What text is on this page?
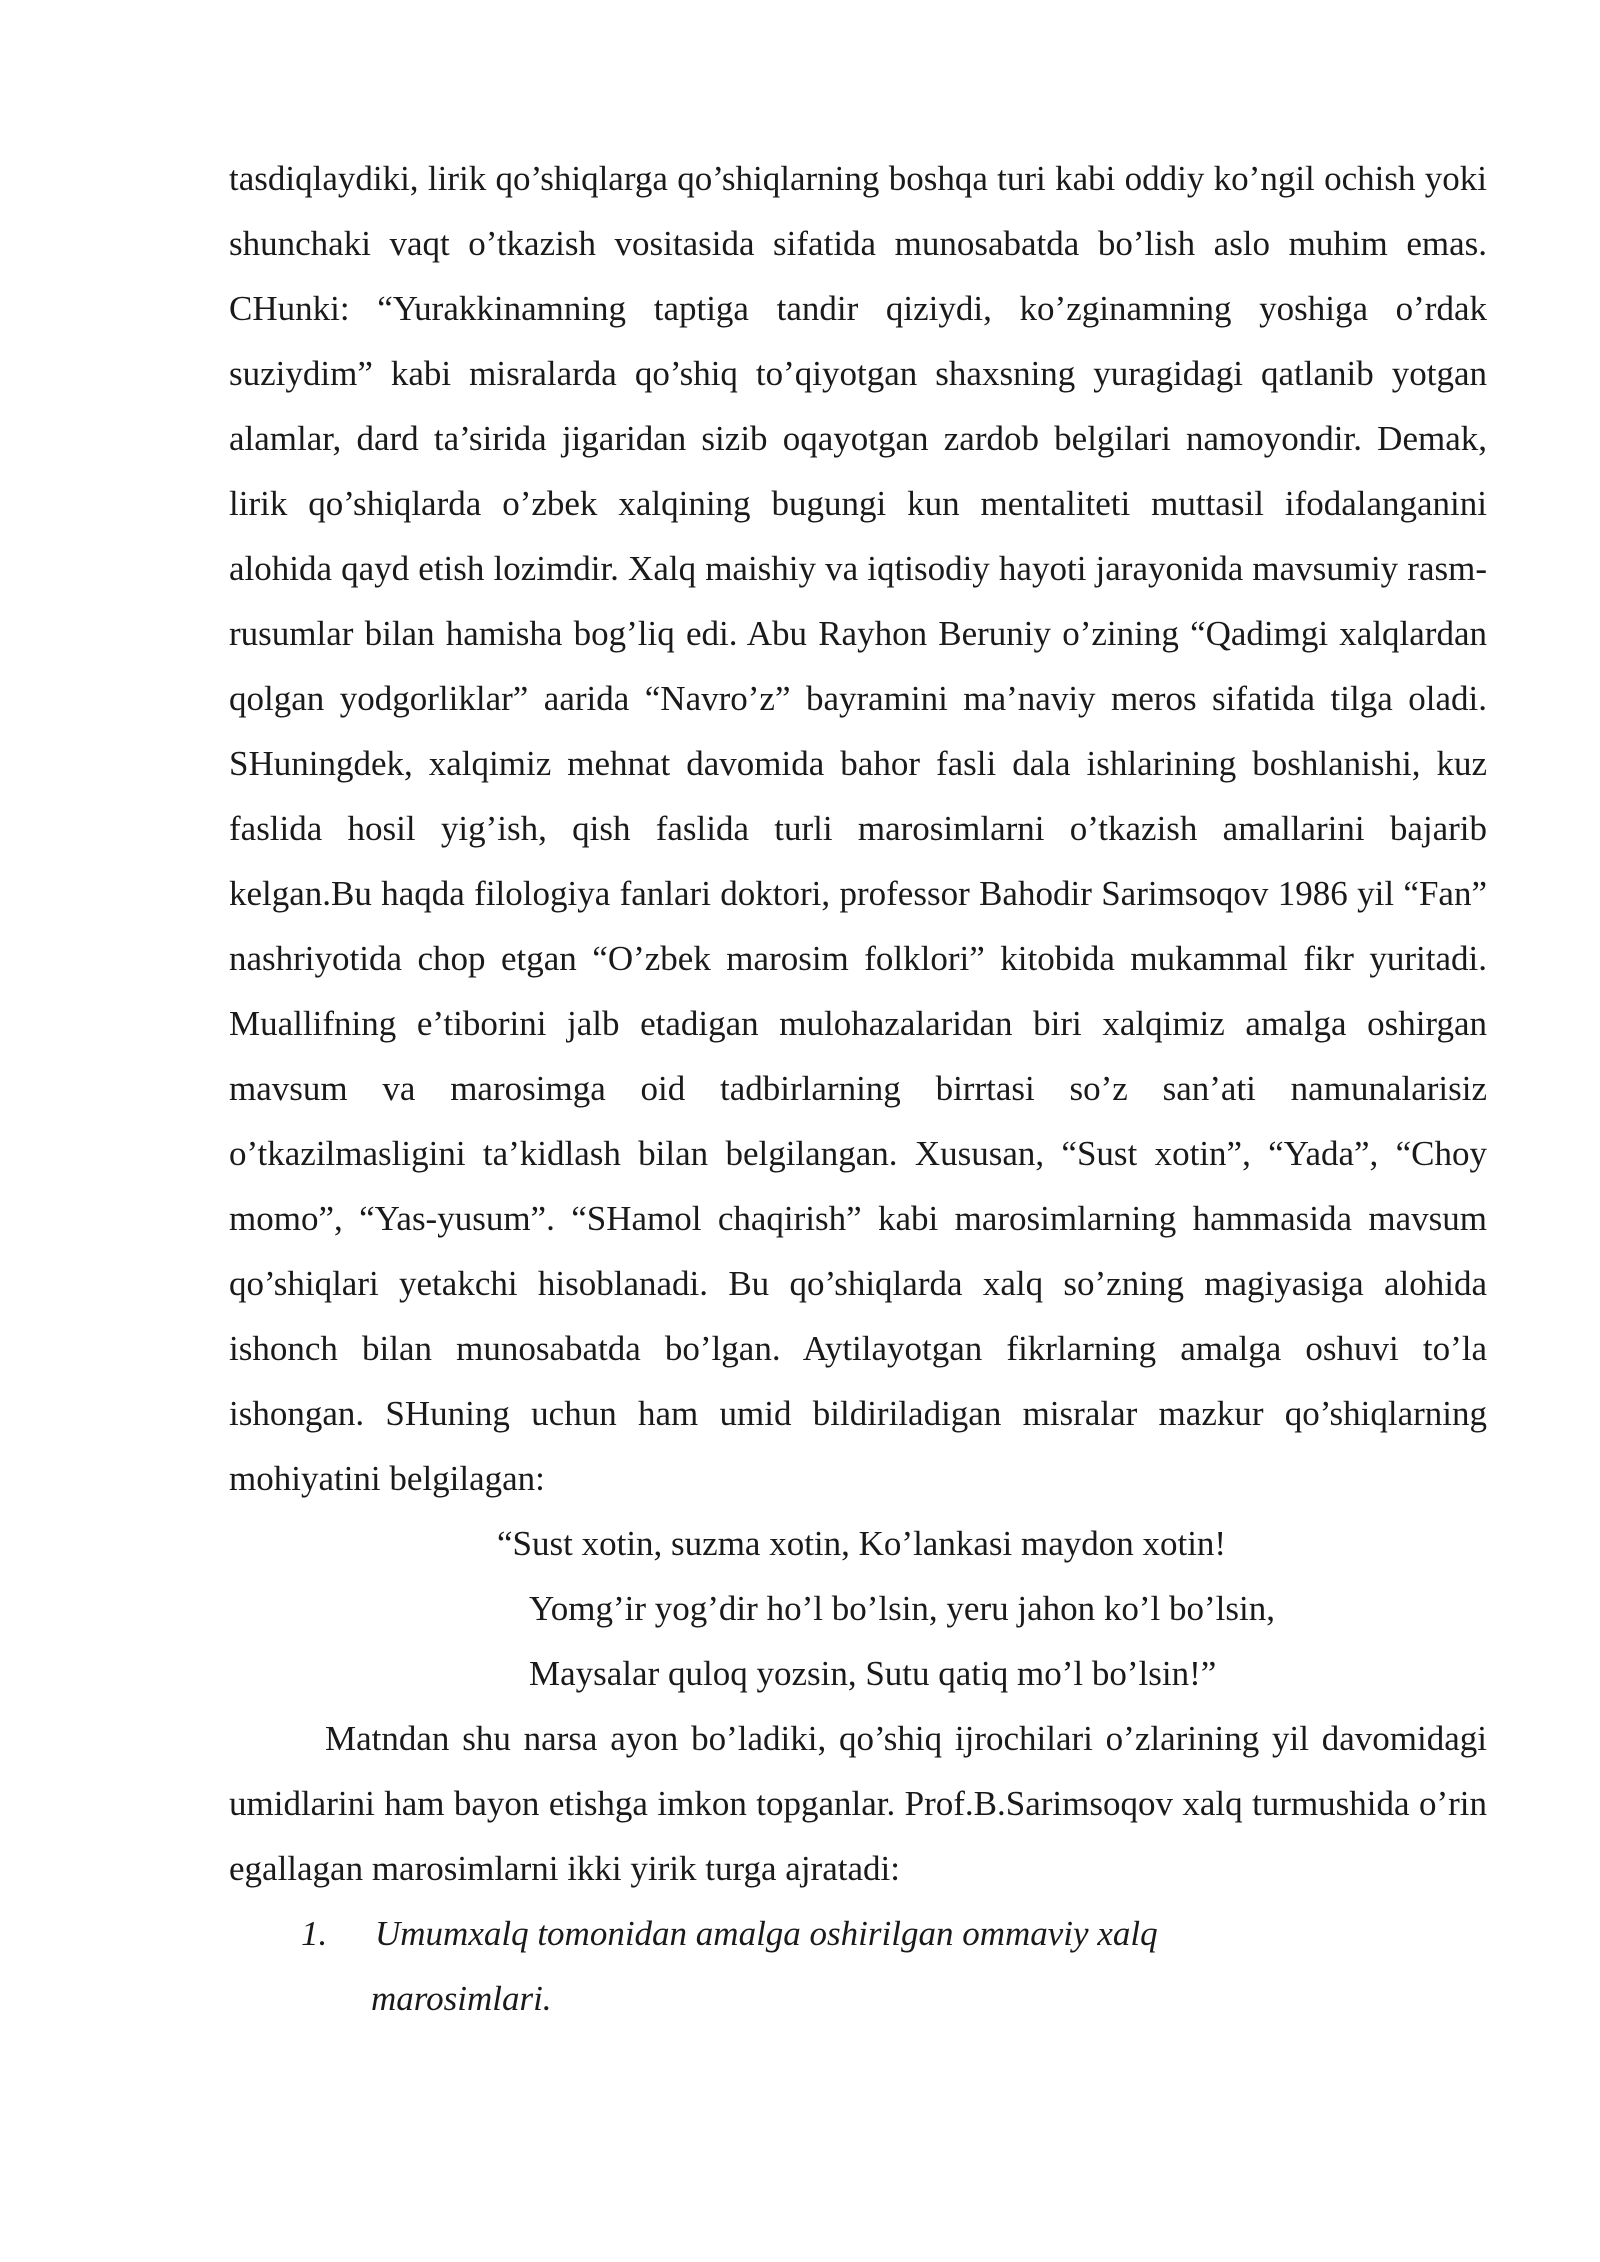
tasdiqlaydiki, lirik qo’shiqlarga qo’shiqlarning boshqa turi kabi oddiy ko’ngil ochish yoki shunchaki vaqt o’tkazish vositasida sifatida munosabatda bo’lish aslo muhim emas. CHunki: “Yurakkinamning taptiga tandir qiziydi, ko’zginamning yoshiga o’rdak suziydim” kabi misralarda qo’shiq to’qiyotgan shaxsning yuragidagi qatlanib yotgan alamlar, dard ta’sirida jigaridan sizib oqayotgan zardob belgilari namoyondir. Demak, lirik qo’shiqlarda o’zbek xalqining bugungi kun mentaliteti muttasil ifodalanganini alohida qayd etish lozimdir. Xalq maishiy va iqtisodiy hayoti jarayonida mavsumiy rasm-rusumlar bilan hamisha bog’liq edi. Abu Rayhon Beruniy o’zining “Qadimgi xalqlardan qolgan yodgorliklar” aarida “Navro’z” bayramini ma’naviy meros sifatida tilga oladi. SHuningdek, xalqimiz mehnat davomida bahor fasli dala ishlarining boshlanishi, kuz faslida hosil yig’ish, qish faslida turli marosimlarni o’tkazish amallarini bajarib kelgan.Bu haqda filologiya fanlari doktori, professor Bahodir Sarimsoqov 1986 yil “Fan” nashriyotida chop etgan “O’zbek marosim folklori” kitobida mukammal fikr yuritadi. Muallifning e’tiborini jalb etadigan mulohazalaridan biri xalqimiz amalga oshirgan mavsum va marosimga oid tadbirlarning birrtasi so’z san’ati namunalarisiz o’tkazilmasligini ta’kidlash bilan belgilangan. Xususan, “Sust xotin”, “Yada”, “Choy momo”, “Yas-yusum”. “SHamol chaqirish” kabi marosimlarning hammasida mavsum qo’shiqlari yetakchi hisoblanadi. Bu qo’shiqlarda xalq so’zning magiyasiga alohida ishonch bilan munosabatda bo’lgan. Aytilayotgan fikrlarning amalga oshuvi to’la ishongan. SHuning uchun ham umid bildiriladigan misralar mazkur qo’shiqlarning mohiyatini belgilagan:

“Sust xotin, suzma xotin, Ko’lankasi maydon xotin!

Yomg’ir yog’dir ho’l bo’lsin, yeru jahon ko’l bo’lsin,

Maysalar quloq yozsin, Sutu qatiq mo’l bo’lsin!”

Matndan shu narsa ayon bo’ladiki, qo’shiq ijrochilari o’zlarining yil davomidagi umidlarini ham bayon etishga imkon topganlar. Prof.B.Sarimsoqov xalq turmushida o’rin egallagan marosimlarni ikki yirik turga ajratadi:

1. Umumxalq tomonidan amalga oshirilgan ommaviy xalq
marosimlari.
